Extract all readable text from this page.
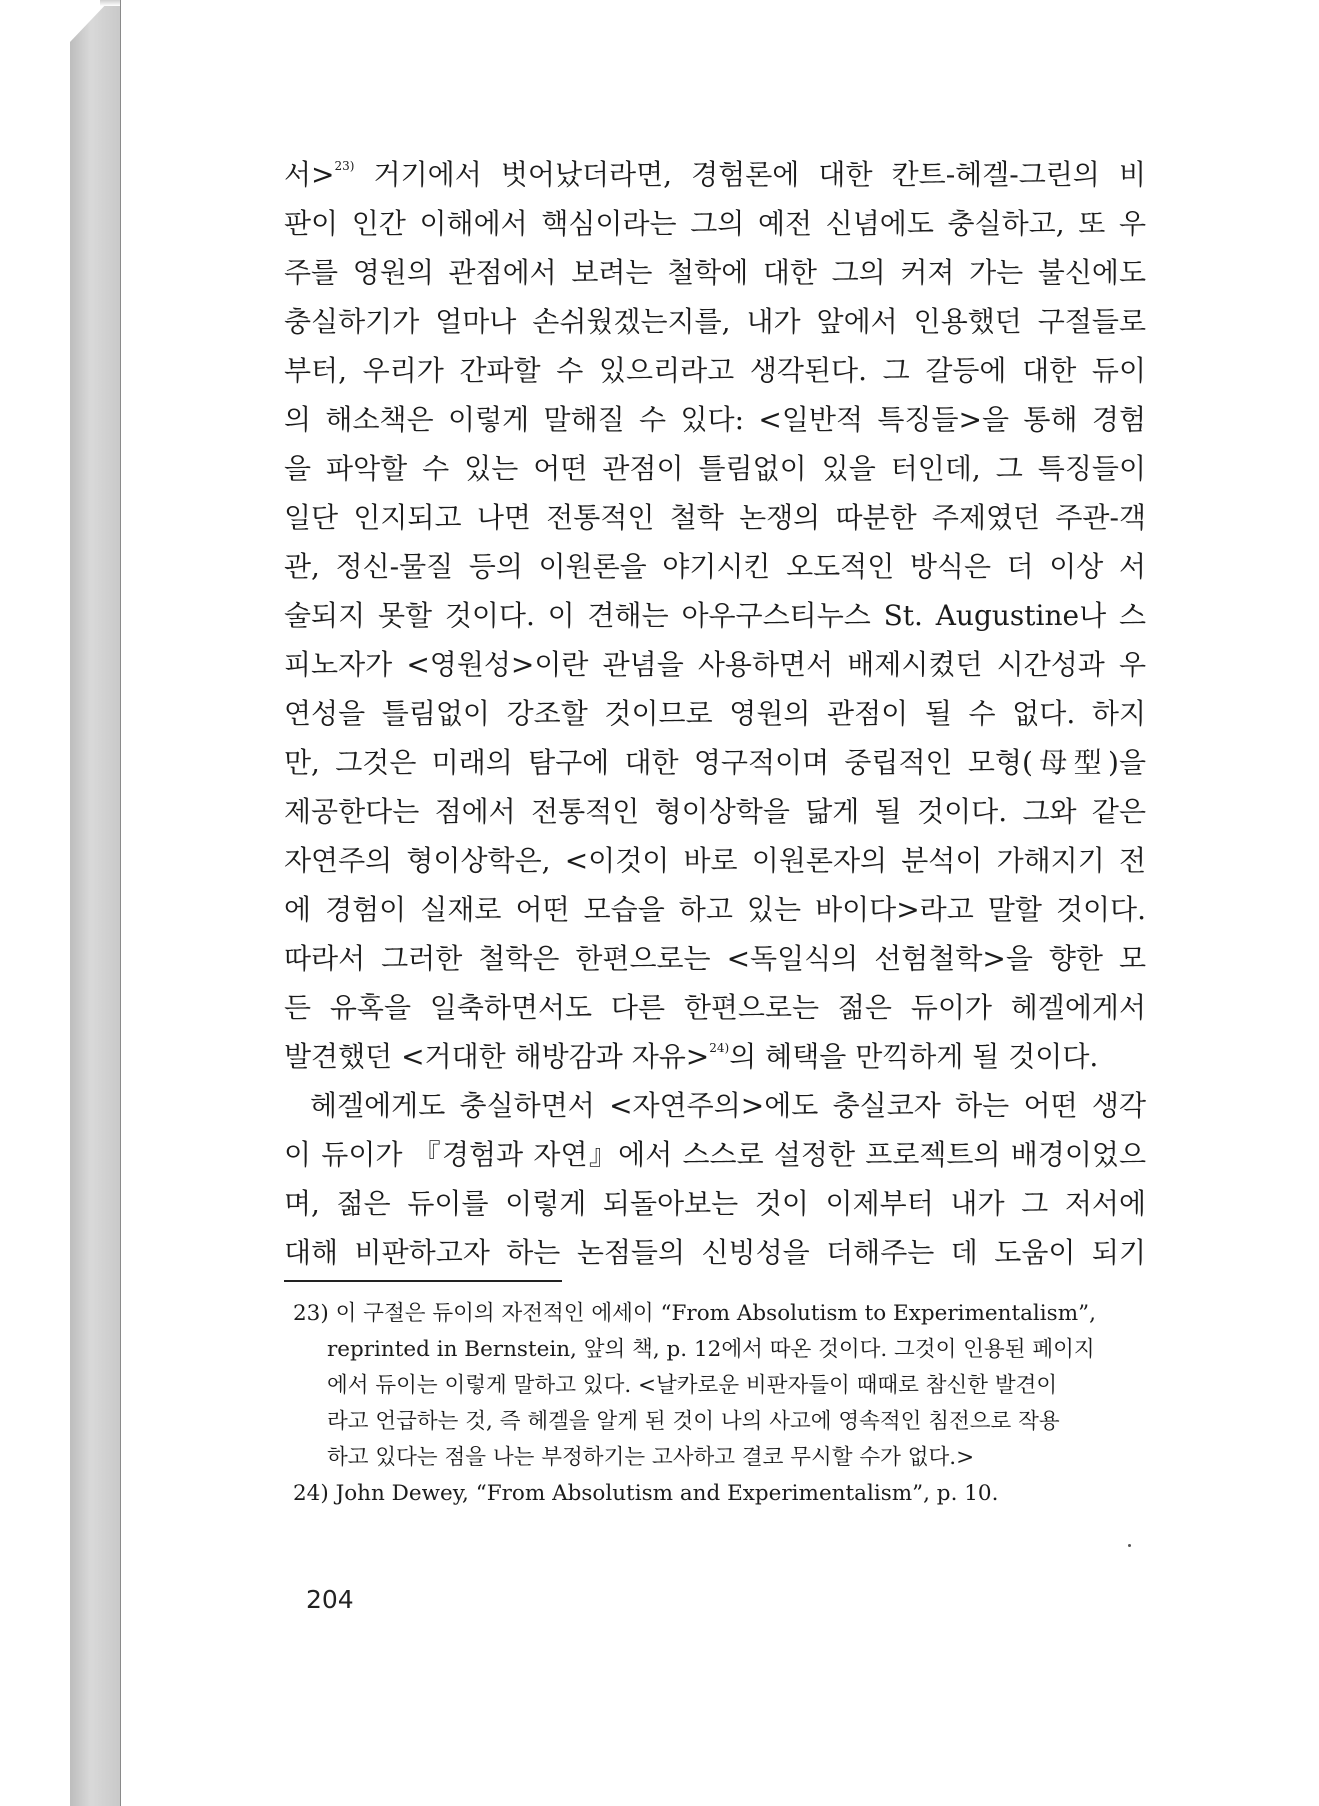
서>$^{23)}$ 거기에서 벗어났더라면, 경험론에 대한 칸트-헤겔-그린의 비
판이 인간 이해에서 핵심이라는 그의 예전 신념에도 충실하고, 또 우
주를 영원의 관점에서 보려는 철학에 대한 그의 커져 가는 불신에도
충실하기가 얼마나 손쉬웠겠는지를, 내가 앞에서 인용했던 구절들로
부터, 우리가 간파할 수 있으리라고 생각된다. 그 갈등에 대한 듀이
의 해소책은 이렇게 말해질 수 있다: <일반적 특징들>을 통해 경험
을 파악할 수 있는 어떤 관점이 틀림없이 있을 터인데, 그 특징들이
일단 인지되고 나면 전통적인 철학 논쟁의 따분한 주제였던 주관-객
관, 정신-물질 등의 이원론을 야기시킨 오도적인 방식은 더 이상 서
술되지 못할 것이다. 이 견해는 아우구스티누스 St. Augustine나 스
피노자가 <영원성>이란 관념을 사용하면서 배제시켰던 시간성과 우
연성을 틀림없이 강조할 것이므로 영원의 관점이 될 수 없다. 하지
만, 그것은 미래의 탐구에 대한 영구적이며 중립적인 모형(母型)을
제공한다는 점에서 전통적인 형이상학을 닮게 될 것이다. 그와 같은
자연주의 형이상학은, <이것이 바로 이원론자의 분석이 가해지기 전
에 경험이 실재로 어떤 모습을 하고 있는 바이다>라고 말할 것이다.
따라서 그러한 철학은 한편으로는 <독일식의 선험철학>을 향한 모
든 유혹을 일축하면서도 다른 한편으로는 젊은 듀이가 헤겔에게서
발견했던 <거대한 해방감과 자유>$^{24)}$의 혜택을 만끽하게 될 것이다.
헤겔에게도 충실하면서 <자연주의>에도 충실코자 하는 어떤 생각
이 듀이가 『경험과 자연』에서 스스로 설정한 프로젝트의 배경이었으
며, 젊은 듀이를 이렇게 되돌아보는 것이 이제부터 내가 그 저서에
대해 비판하고자 하는 논점들의 신빙성을 더해주는 데 도움이 되기
23) 이 구절은 듀이의 자전적인 에세이 “From Absolutism to Experimentalism”,
reprinted in Bernstein, 앞의 책, p. 12에서 따온 것이다. 그것이 인용된 페이지
에서 듀이는 이렇게 말하고 있다. <날카로운 비판자들이 때때로 참신한 발견이
라고 언급하는 것, 즉 헤겔을 알게 된 것이 나의 사고에 영속적인 침전으로 작용
하고 있다는 점을 나는 부정하기는 고사하고 결코 무시할 수가 없다.>
24) John Dewey, “From Absolutism and Experimentalism”, p. 10.
204
